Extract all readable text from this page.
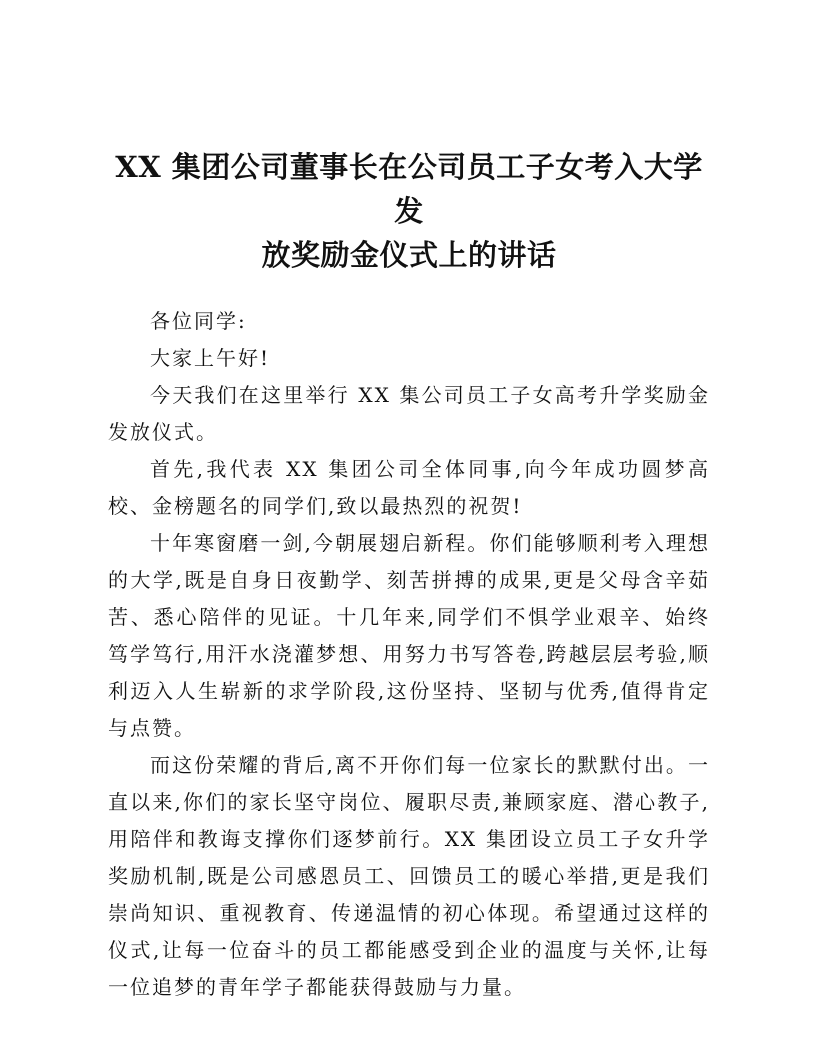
XX 集团公司董事长在公司员工子女考入大学发
放奖励金仪式上的讲话

各位同学:

大家上午好!

今天我们在这里举行 XX 集公司员工子女高考升学奖励金发放仪式。

首先,我代表 XX 集团公司全体同事,向今年成功圆梦高校、金榜题名的同学们,致以最热烈的祝贺!

十年寒窗磨一剑,今朝展翅启新程。你们能够顺利考入理想的大学,既是自身日夜勤学、刻苦拼搏的成果,更是父母含辛茹苦、悉心陪伴的见证。十几年来,同学们不惧学业艰辛、始终笃学笃行,用汗水浇灌梦想、用努力书写答卷,跨越层层考验,顺利迈入人生崭新的求学阶段,这份坚持、坚韧与优秀,值得肯定与点赞。

而这份荣耀的背后,离不开你们每一位家长的默默付出。一直以来,你们的家长坚守岗位、履职尽责,兼顾家庭、潜心教子,用陪伴和教诲支撑你们逐梦前行。XX 集团设立员工子女升学奖励机制,既是公司感恩员工、回馈员工的暖心举措,更是我们崇尚知识、重视教育、传递温情的初心体现。希望通过这样的仪式,让每一位奋斗的员工都能感受到企业的温度与关怀,让每一位追梦的青年学子都能获得鼓励与力量。
